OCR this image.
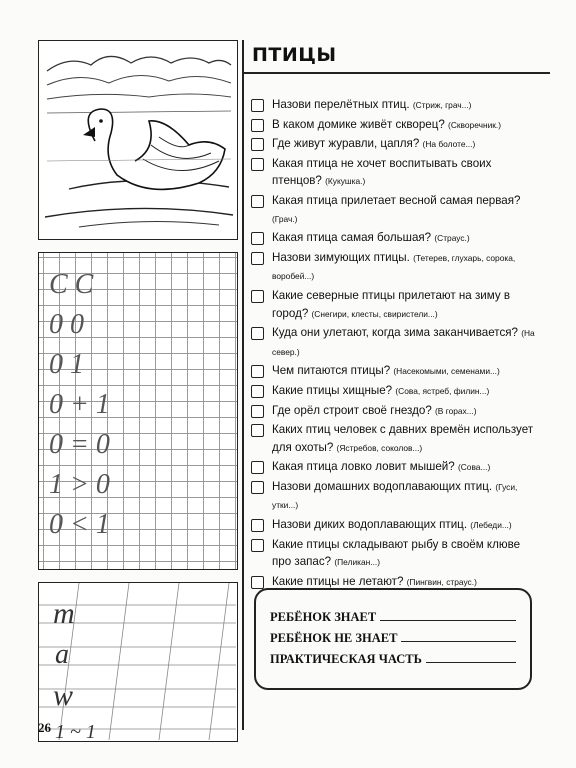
C C
0 0
0 1
0 + 1
0 = 0
1 > 0
0 < 1
m
a
w
1 ~ 1
ПТИЦЫ
Назови перелётных птиц. (Стриж, грач...)
В каком домике живёт скворец? (Скворечник.)
Где живут журавли, цапля? (На болоте...)
Какая птица не хочет воспитывать своих птенцов? (Кукушка.)
Какая птица прилетает весной самая первая? (Грач.)
Какая птица самая большая? (Страус.)
Назови зимующих птицы. (Тетерев, глухарь, сорока, воробей...)
Какие северные птицы прилетают на зиму в город? (Снегири, клесты, свиристели...)
Куда они улетают, когда зима заканчивается? (На север.)
Чем питаются птицы? (Насекомыми, семенами...)
Какие птицы хищные? (Сова, ястреб, филин...)
Где орёл строит своё гнездо? (В горах...)
Каких птиц человек с давних времён использует для охоты? (Ястребов, соколов...)
Какая птица ловко ловит мышей? (Сова...)
Назови домашних водоплавающих птиц. (Гуси, утки...)
Назови диких водоплавающих птиц. (Лебеди...)
Какие птицы складывают рыбу в своём клюве про запас? (Пеликан...)
Какие птицы не летают? (Пингвин, страус.)
РЕБЁНОК ЗНАЕТ
РЕБЁНОК НЕ ЗНАЕТ
ПРАКТИЧЕСКАЯ ЧАСТЬ
26
